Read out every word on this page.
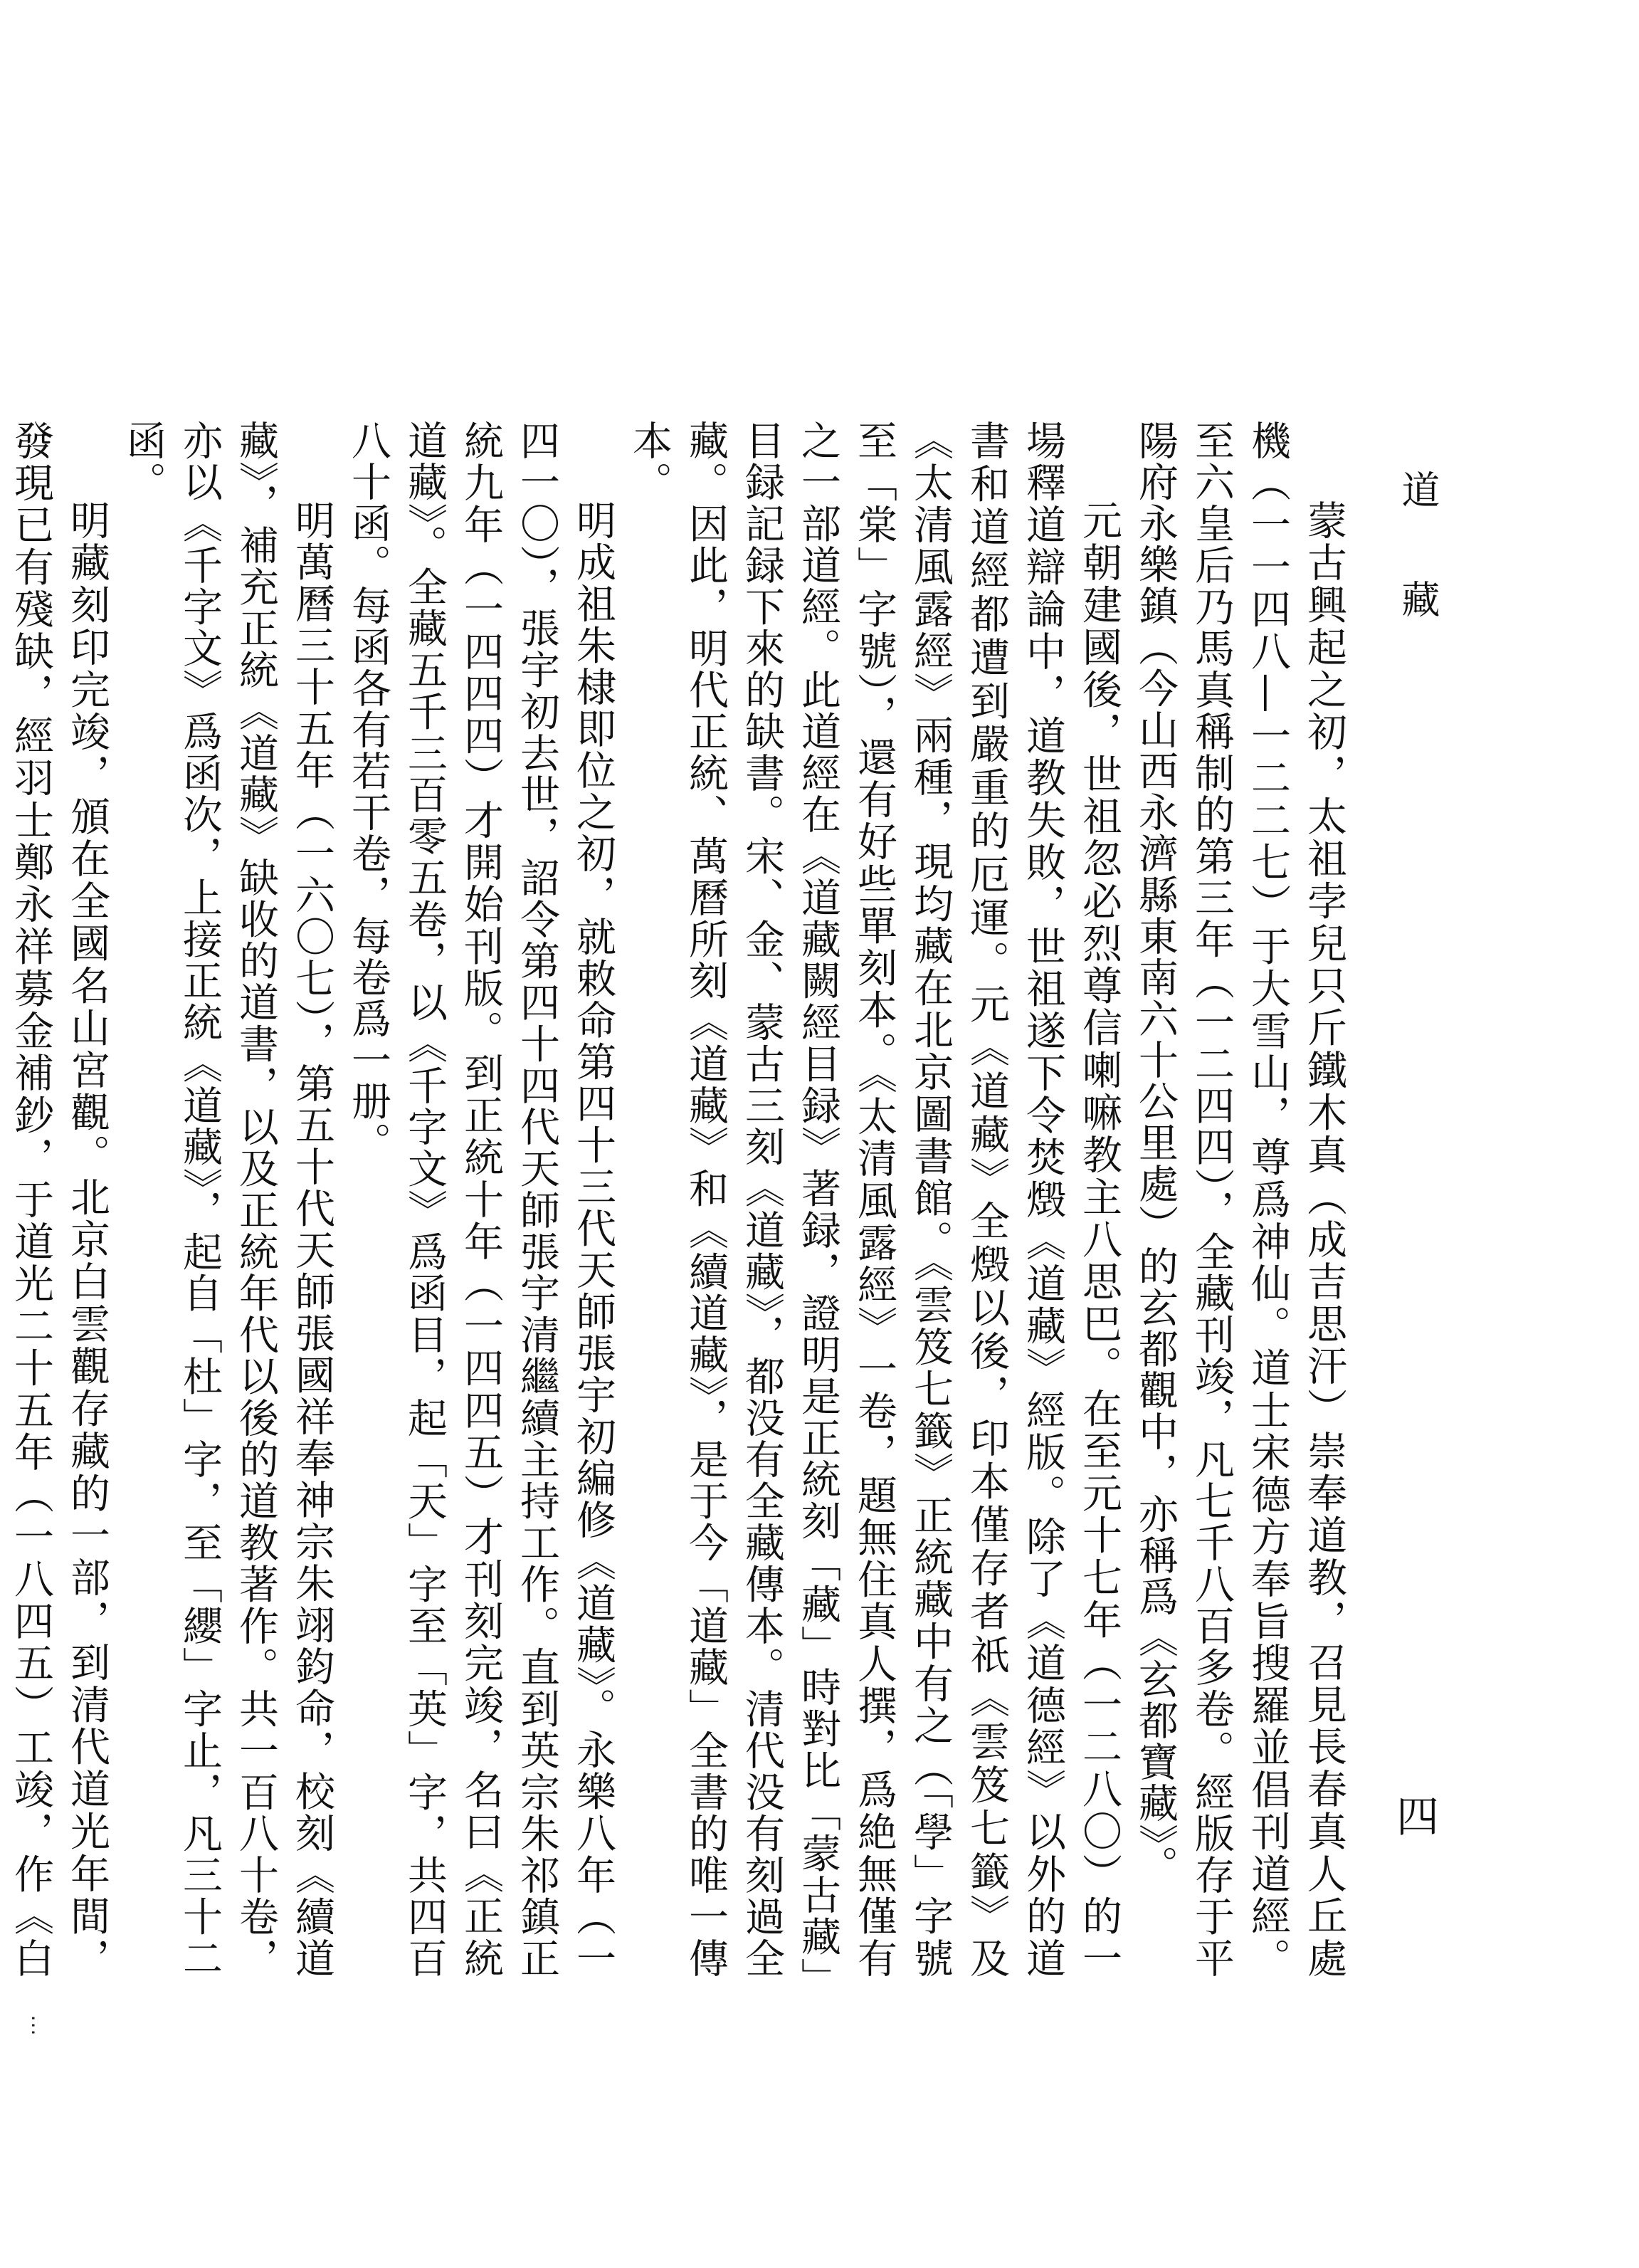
道藏

蒙古興起之初，太祖孛兒只斤鐵木真（成吉思汗）崇奉道教，召見長春真人丘處機（一一四八—一二二七）于大雪山，尊爲神仙。道士宋德方奉旨搜羅並倡刊道經。至六皇后乃馬真稱制的第三年（一二四四），全藏刊竣，凡七千八百多卷。經版存于平陽府永樂鎮（今山西永濟縣東南六十公里處）的玄都觀中，亦稱爲《玄都寶藏》。

元朝建國後，世祖忽必烈尊信喇嘛教主八思巴。在至元十七年（一二八〇）的一場釋道辯論中，道教失敗，世祖遂下令焚燬《道藏》經版。除了《道德經》以外的道書和道經都遭到嚴重的厄運。元《道藏》全燬以後，印本僅存者祇《雲笈七籤》及《太清風露經》兩種，現均藏在北京圖書館。《雲笈七籤》正統藏中有之（「學」字號至「棠」字號），還有好些單刻本。《太清風露經》一卷，題無住真人撰，爲絶無僅有之一部道經。此道經在《道藏闕經目録》著録，證明是正統刻「藏」時對比「蒙古藏」目録記録下來的缺書。宋、金、蒙古三刻《道藏》，都没有全藏傳本。清代没有刻過全藏。因此，明代正統、萬曆所刻《道藏》和《續道藏》，是于今「道藏」全書的唯一傳本。

明成祖朱棣即位之初，就敕命第四十三代天師張宇初編修《道藏》。永樂八年（一四一〇），張宇初去世，詔令第四十四代天師張宇清繼續主持工作。直到英宗朱祁鎮正統九年（一四四四）才開始刊版。到正統十年（一四四五）才刊刻完竣，名曰《正統道藏》。全藏五千三百零五卷，以《千字文》爲函目，起「天」字至「英」字，共四百八十函。每函各有若干卷，每卷爲一册。

明萬曆三十五年（一六〇七），第五十代天師張國祥奉神宗朱翊鈞命，校刻《續道藏》，補充正統《道藏》缺收的道書，以及正統年代以後的道教著作。共一百八十卷，亦以《千字文》爲函次，上接正統《道藏》，起自「杜」字，至「纓」字止，凡三十二函。

明藏刻印完竣，頒在全國名山宮觀。北京白雲觀存藏的一部，到清代道光年間，發現已有殘缺，經羽士鄭永祥募金補鈔，于道光二十五年（一八四五）工竣，作《白

四
⋯
